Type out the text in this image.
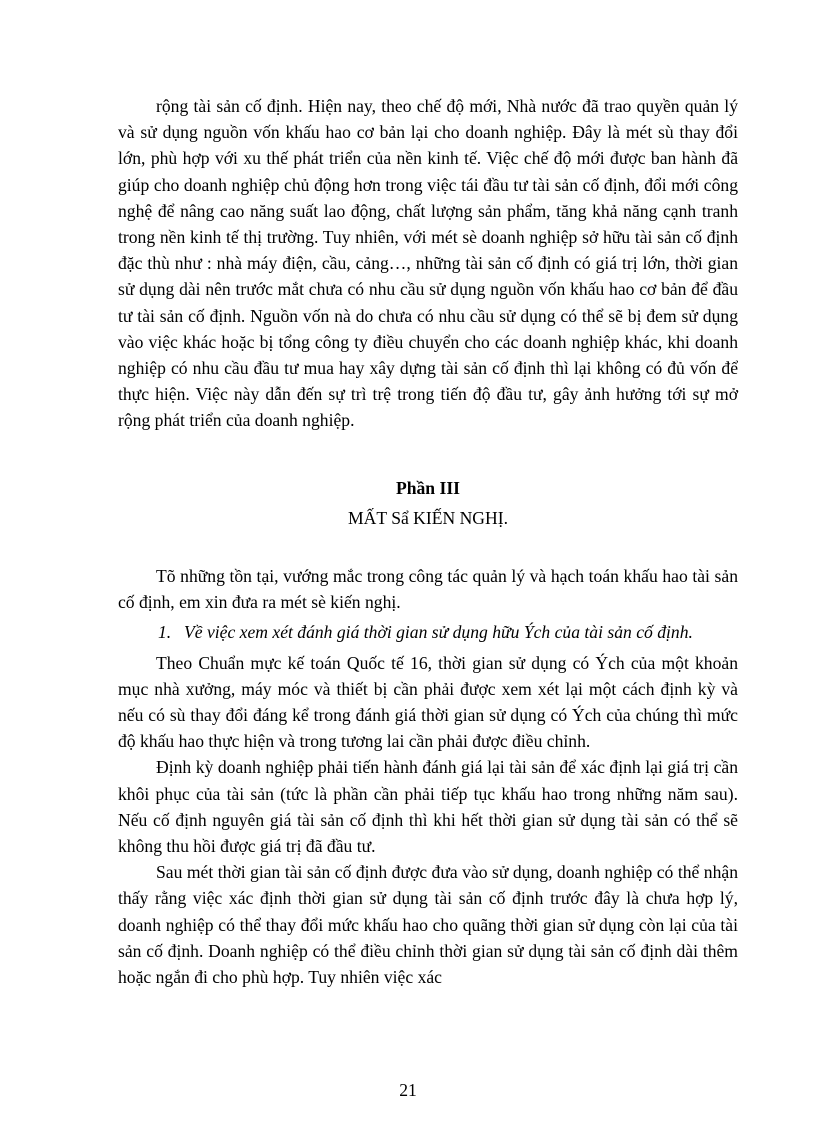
rộng tài sản cố định. Hiện nay, theo chế độ mới, Nhà nước đã trao quyền quản lý và sử dụng nguồn vốn khấu hao cơ bản lại cho doanh nghiệp. Đây là mét sù thay đổi lớn, phù hợp với xu thế phát triển của nền kinh tế. Việc chế độ mới được ban hành đã giúp cho doanh nghiệp chủ động hơn trong việc tái đầu tư tài sản cố định, đổi mới công nghệ để nâng cao năng suất lao động, chất lượng sản phẩm, tăng khả năng cạnh tranh trong nền kinh tế thị trường. Tuy nhiên, với mét sè doanh nghiệp sở hữu tài sản cố định đặc thù như : nhà máy điện, cầu, cảng…, những tài sản cố định có giá trị lớn, thời gian sử dụng dài nên trước mắt chưa có nhu cầu sử dụng nguồn vốn khấu hao cơ bản để đầu tư tài sản cố định. Nguồn vốn nà do chưa có nhu cầu sử dụng có thể sẽ bị đem sử dụng vào việc khác hoặc bị tổng công ty điều chuyển cho các doanh nghiệp khác, khi doanh nghiệp có nhu cầu đầu tư mua hay xây dựng tài sản cố định thì lại không có đủ vốn để thực hiện. Việc này dẫn đến sự trì trệ trong tiến độ đầu tư, gây ảnh hưởng tới sự mở rộng phát triển của doanh nghiệp.

Phần III
MẤT Sẩ KIẾN NGHỊ.

Tõ những tồn tại, vướng mắc trong công tác quản lý và hạch toán khấu hao tài sản cố định, em xin đưa ra mét sè kiến nghị.

1. Về việc xem xét đánh giá thời gian sử dụng hữu Ých của tài sản cố định.

Theo Chuẩn mực kế toán Quốc tế 16, thời gian sử dụng có Ých của một khoản mục nhà xưởng, máy móc và thiết bị cần phải được xem xét lại một cách định kỳ và nếu có sù thay đổi đáng kể trong đánh giá thời gian sử dụng có Ých của chúng thì mức độ khấu hao thực hiện và trong tương lai cần phải được điều chỉnh.

Định kỳ doanh nghiệp phải tiến hành đánh giá lại tài sản để xác định lại giá trị cần khôi phục của tài sản (tức là phần cần phải tiếp tục khấu hao trong những năm sau). Nếu cố định nguyên giá tài sản cố định thì khi hết thời gian sử dụng tài sản có thể sẽ không thu hồi được giá trị đã đầu tư.

Sau mét thời gian tài sản cố định được đưa vào sử dụng, doanh nghiệp có thể nhận thấy rằng việc xác định thời gian sử dụng tài sản cố định trước đây là chưa hợp lý, doanh nghiệp có thể thay đổi mức khấu hao cho quãng thời gian sử dụng còn lại của tài sản cố định. Doanh nghiệp có thể điều chỉnh thời gian sử dụng tài sản cố định dài thêm hoặc ngắn đi cho phù hợp. Tuy nhiên việc xác

21
